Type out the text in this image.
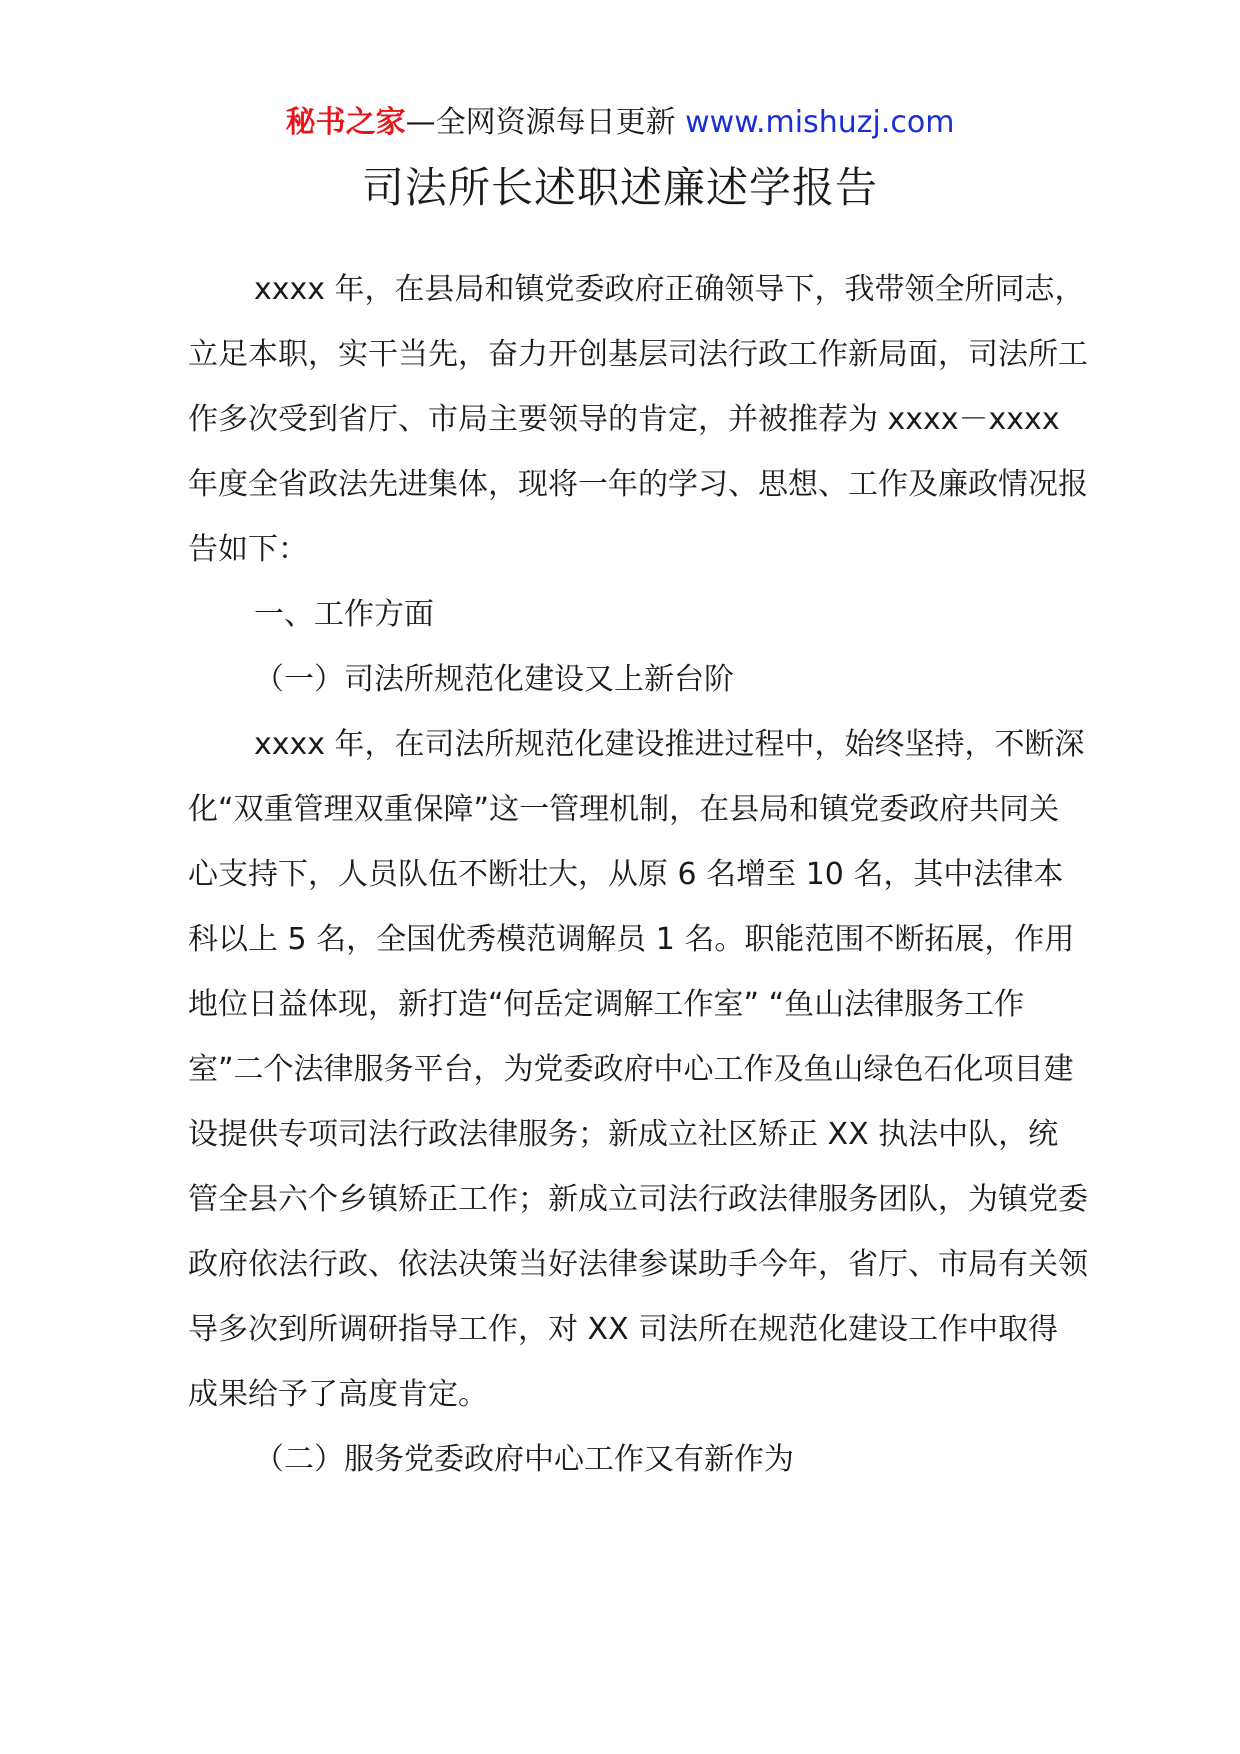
秘书之家—全网资源每日更新 www.mishuzj.com
司法所长述职述廉述学报告

xxxx 年，在县局和镇党委政府正确领导下，我带领全所同志，立足本职，实干当先，奋力开创基层司法行政工作新局面，司法所工作多次受到省厅、市局主要领导的肯定，并被推荐为 xxxx－xxxx 年度全省政法先进集体，现将一年的学习、思想、工作及廉政情况报告如下：

一、工作方面

（一）司法所规范化建设又上新台阶

xxxx 年，在司法所规范化建设推进过程中，始终坚持，不断深化“双重管理双重保障”这一管理机制，在县局和镇党委政府共同关心支持下，人员队伍不断壮大，从原 6 名增至 10 名，其中法律本科以上 5 名，全国优秀模范调解员 1 名。职能范围不断拓展，作用地位日益体现，新打造“何岳定调解工作室” “鱼山法律服务工作室”二个法律服务平台，为党委政府中心工作及鱼山绿色石化项目建设提供专项司法行政法律服务；新成立社区矫正 XX 执法中队，统管全县六个乡镇矫正工作；新成立司法行政法律服务团队，为镇党委政府依法行政、依法决策当好法律参谋助手今年，省厅、市局有关领导多次到所调研指导工作，对 XX 司法所在规范化建设工作中取得成果给予了高度肯定。

（二）服务党委政府中心工作又有新作为
